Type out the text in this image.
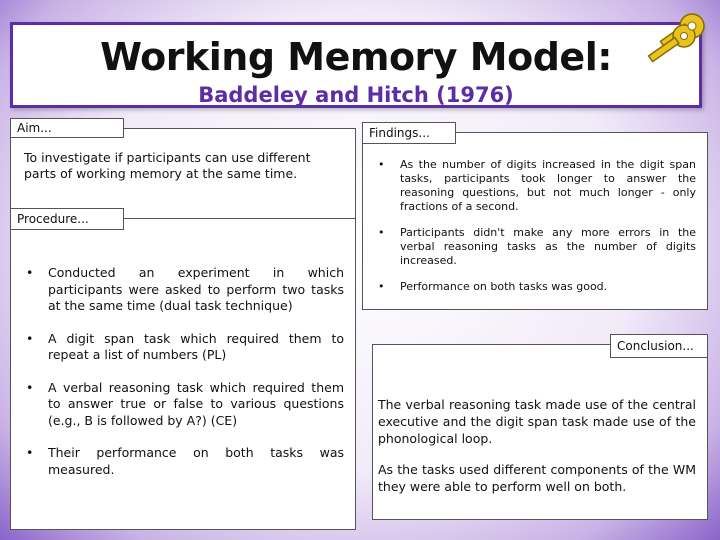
Working Memory Model:
Baddeley and Hitch (1976)
Aim...
To investigate if participants can use different parts of working memory at the same time.
Procedure...
• Conducted an experiment in which participants were asked to perform two tasks at the same time (dual task technique)
• A digit span task which required them to repeat a list of numbers (PL)
• A verbal reasoning task which required them to answer true or false to various questions (e.g., B is followed by A?) (CE)
• Their performance on both tasks was measured.
Findings...
• As the number of digits increased in the digit span tasks, participants took longer to answer the reasoning questions, but not much longer - only fractions of a second.
• Participants didn't make any more errors in the verbal reasoning tasks as the number of digits increased.
• Performance on both tasks was good.
Conclusion...

The verbal reasoning task made use of the central executive and the digit span task made use of the phonological loop.

As the tasks used different components of the WM they were able to perform well on both.
